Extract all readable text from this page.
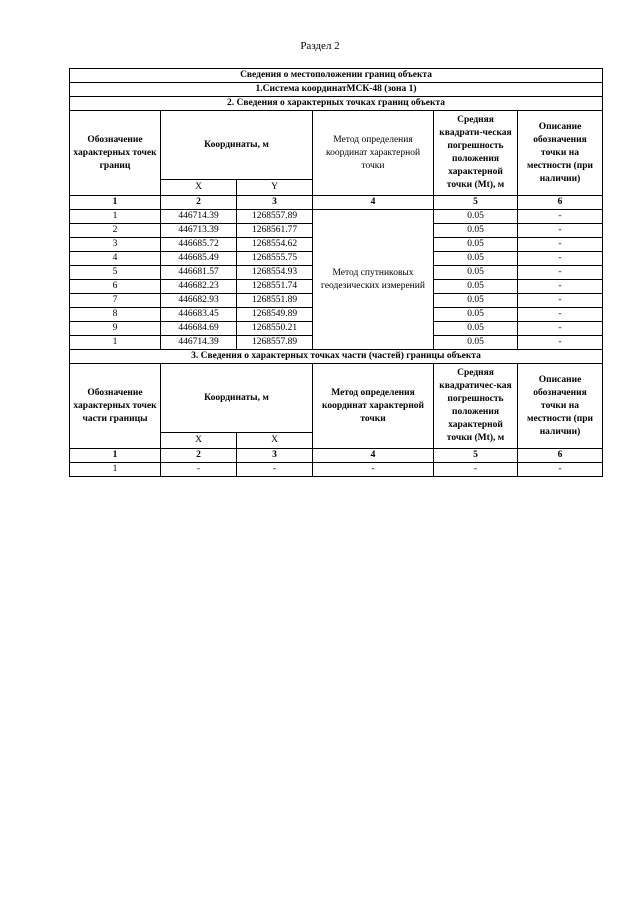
Раздел 2
Сведения о местоположении границ объекта					
1.Система координатМСК-48 (зона 1)					
2. Сведения о характерных точках границ объекта					
Обозначение характерных точек границ	Координаты, м		Метод определения координат характерной точки	Средняя квадрати-ческая погрешность положения характерной точки (Mt), м	Описание обозначения точки на местности (при наличии)
	X	Y			
1	2	3	4	5	6
1	446714.39	1268557.89	Метод спутниковых геодезических измерений	0.05	-
2	446713.39	1268561.77		0.05	-
3	446685.72	1268554.62		0.05	-
4	446685.49	1268555.75		0.05	-
5	446681.57	1268554.93		0.05	-
6	446682.23	1268551.74		0.05	-
7	446682.93	1268551.89		0.05	-
8	446683.45	1268549.89		0.05	-
9	446684.69	1268550.21		0.05	-
1	446714.39	1268557.89		0.05	-
3. Сведения о характерных точках части (частей) границы объекта					
Обозначение характерных точек части границы	Координаты, м		Метод определения координат характерной точки	Средняя квадратичес-кая погрешность положения характерной точки (Mt), м	Описание обозначения точки на местности (при наличии)
	X	X			
1	2	3	4	5	6
1	-	-	-	-	-
